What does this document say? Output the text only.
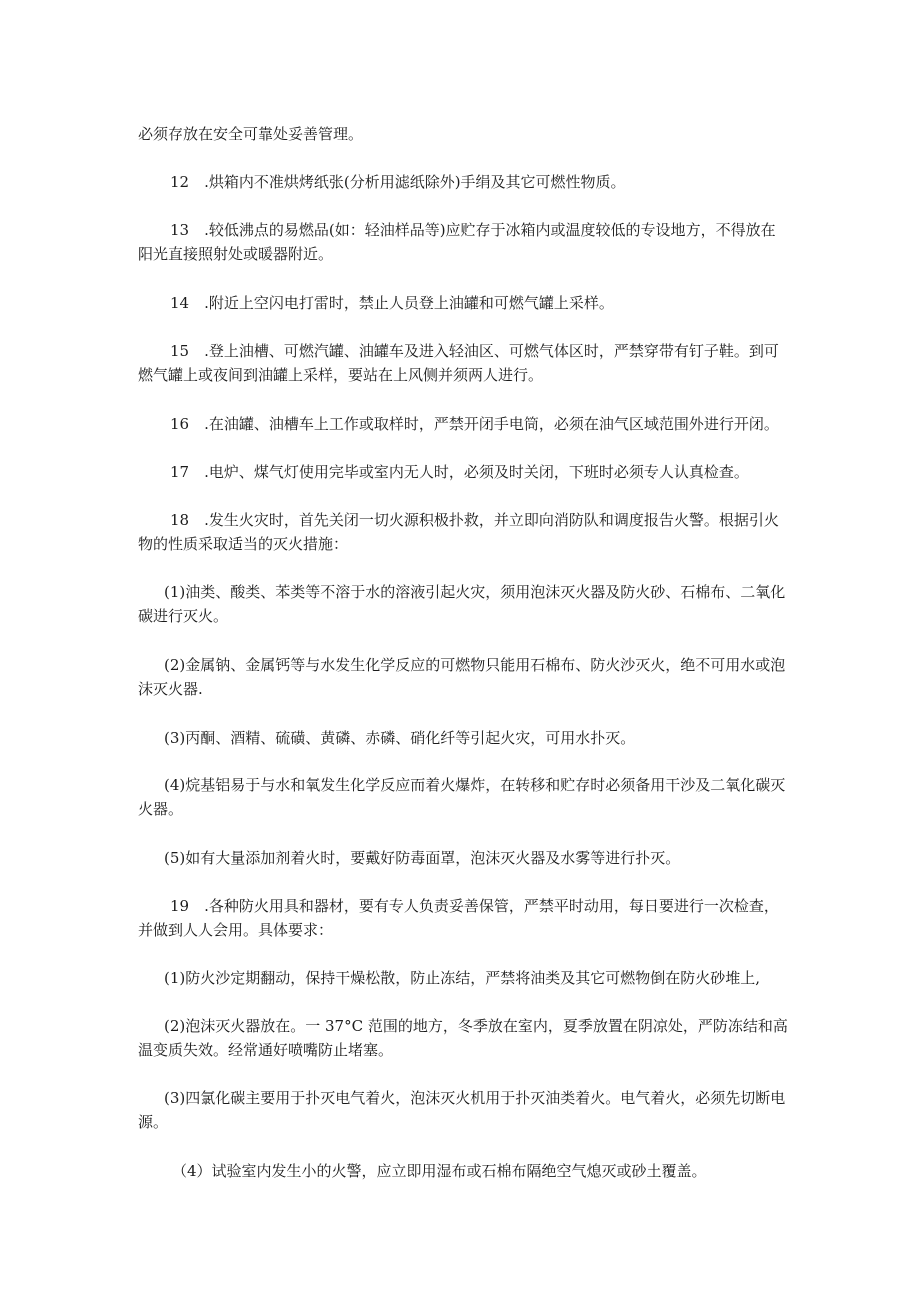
必须存放在安全可靠处妥善管理。

12　.烘箱内不准烘烤纸张(分析用滤纸除外)手绢及其它可燃性物质。

13　.较低沸点的易燃品(如：轻油样品等)应贮存于冰箱内或温度较低的专设地方，不得放在阳光直接照射处或暖器附近。

14　.附近上空闪电打雷时，禁止人员登上油罐和可燃气罐上采样。

15　.登上油槽、可燃汽罐、油罐车及进入轻油区、可燃气体区时，严禁穿带有钉子鞋。到可燃气罐上或夜间到油罐上采样，要站在上风侧并须两人进行。

16　.在油罐、油槽车上工作或取样时，严禁开闭手电筒，必须在油气区域范围外进行开闭。

17　.电炉、煤气灯使用完毕或室内无人时，必须及时关闭，下班时必须专人认真检查。

18　.发生火灾时，首先关闭一切火源积极扑救，并立即向消防队和调度报告火警。根据引火物的性质采取适当的灭火措施：

(1)油类、酸类、苯类等不溶于水的溶液引起火灾，须用泡沫灭火器及防火砂、石棉布、二氧化碳进行灭火。

(2)金属钠、金属钙等与水发生化学反应的可燃物只能用石棉布、防火沙灭火，绝不可用水或泡沫灭火器.

(3)丙酮、酒精、硫磺、黄磷、赤磷、硝化纤等引起火灾，可用水扑灭。

(4)烷基铝易于与水和氧发生化学反应而着火爆炸，在转移和贮存时必须备用干沙及二氧化碳灭火器。

(5)如有大量添加剂着火时，要戴好防毒面罩，泡沫灭火器及水雾等进行扑灭。

19　.各种防火用具和器材，要有专人负责妥善保管，严禁平时动用，每日要进行一次检查，并做到人人会用。具体要求：

(1)防火沙定期翻动，保持干燥松散，防止冻结，严禁将油类及其它可燃物倒在防火砂堆上,

(2)泡沫灭火器放在。一 37°C 范围的地方，冬季放在室内，夏季放置在阴凉处，严防冻结和高温变质失效。经常通好喷嘴防止堵塞。

(3)四氯化碳主要用于扑灭电气着火，泡沫灭火机用于扑灭油类着火。电气着火，必须先切断电源。

（4）试验室内发生小的火警，应立即用湿布或石棉布隔绝空气熄灭或砂土覆盖。
